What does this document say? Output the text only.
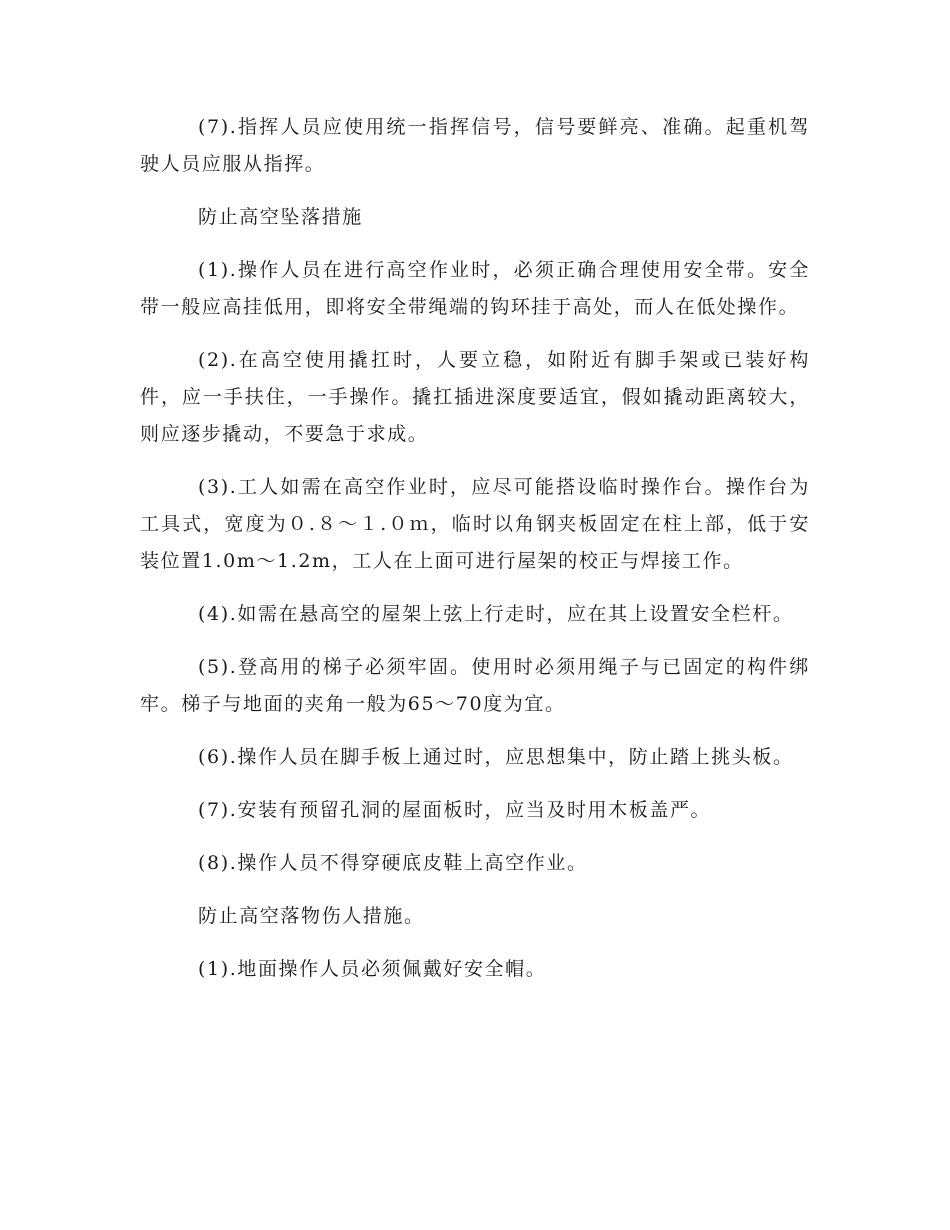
(7).指挥人员应使用统一指挥信号，信号要鲜亮、准确。起重机驾驶人员应服从指挥。

防止高空坠落措施

(1).操作人员在进行高空作业时，必须正确合理使用安全带。安全带一般应高挂低用，即将安全带绳端的钩环挂于高处，而人在低处操作。

(2).在高空使用撬扛时，人要立稳，如附近有脚手架或已装好构件，应一手扶住，一手操作。撬扛插进深度要适宜，假如撬动距离较大，则应逐步撬动，不要急于求成。

(3).工人如需在高空作业时，应尽可能搭设临时操作台。操作台为工具式，宽度为０.８～１.０ｍ，临时以角钢夹板固定在柱上部，低于安装位置1.0m～1.2m，工人在上面可进行屋架的校正与焊接工作。

(4).如需在悬高空的屋架上弦上行走时，应在其上设置安全栏杆。

(5).登高用的梯子必须牢固。使用时必须用绳子与已固定的构件绑牢。梯子与地面的夹角一般为65～70度为宜。

(6).操作人员在脚手板上通过时，应思想集中，防止踏上挑头板。

(7).安装有预留孔洞的屋面板时，应当及时用木板盖严。

(8).操作人员不得穿硬底皮鞋上高空作业。

防止高空落物伤人措施。

(1).地面操作人员必须佩戴好安全帽。
